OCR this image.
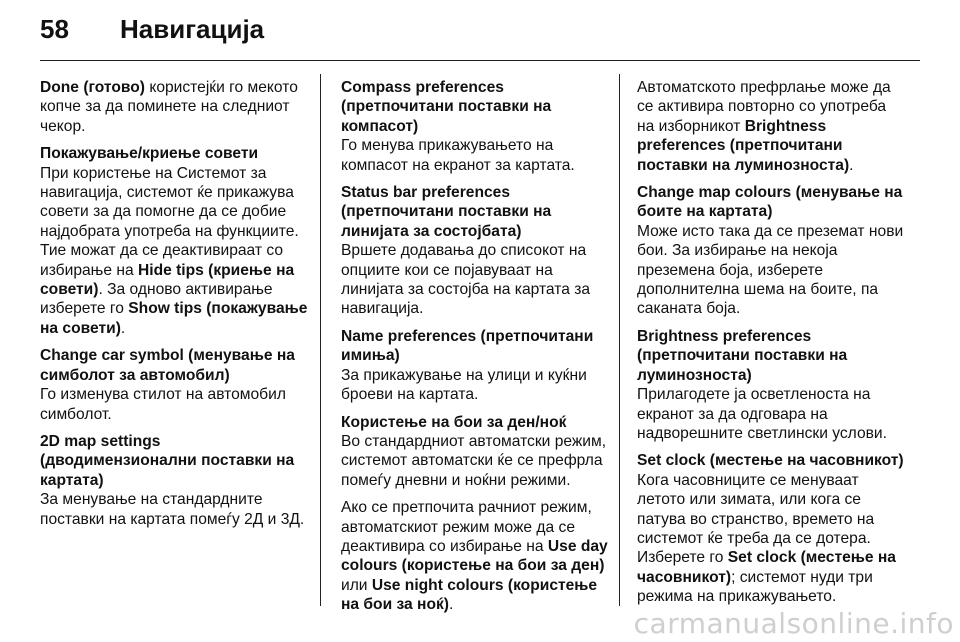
58	Навигација

Done (готово) користејќи го мекото копче за да поминете на следниот чекор.

Покажување/криење совети
При користење на Системот за навигација, системот ќе прикажува совети за да помогне да се добие најдобрата употреба на функциите. Тие можат да се деактивираат со избирање на Hide tips (криење на совети). За одново активирање изберете го Show tips (покажување на совети).
Change car symbol (менување на симболот за автомобил)
Го изменува стилот на автомобил симболот.
2D map settings (дводимензионални поставки на картата)
За менување на стандардните поставки на картата помеѓу 2Д и 3Д.
Compass preferences (претпочитани поставки на компасот)
Го менува прикажувањето на компасот на екранот за картата.
Status bar preferences (претпочитани поставки на линијата за состојбата)
Вршете додавања до списокот на опциите кои се појавуваат на линијата за состојба на картата за навигација.
Name preferences (претпочитани имиња)
За прикажување на улици и куќни броеви на картата.
Користење на бои за ден/ноќ
Во стандардниот автоматски режим, системот автоматски ќе се префрла помеѓу дневни и ноќни режими.

Ако се претпочита рачниот режим, автоматскиот режим може да се деактивира со избирање на Use day colours (користење на бои за ден) или Use night colours (користење на бои за ноќ).

Автоматското префрлање може да се активира повторно со употреба на изборникот Brightness preferences (претпочитани поставки на луминозноста).

Change map colours (менување на боите на картата)
Може исто така да се преземат нови бои. За избирање на некоја преземена боја, изберете дополнителна шема на боите, па саканата боја.
Brightness preferences (претпочитани поставки на луминозноста)
Прилагодете ја осветленоста на екранот за да одговара на надворешните светлински услови.
Set clock (местење на часовникот)
Кога часовниците се менуваат летото или зимата, или кога се патува во странство, времето на системот ќе треба да се дотера. Изберете го Set clock (местење на часовникот); системот нуди три режима на прикажувањето.
carmanualsonline.info
